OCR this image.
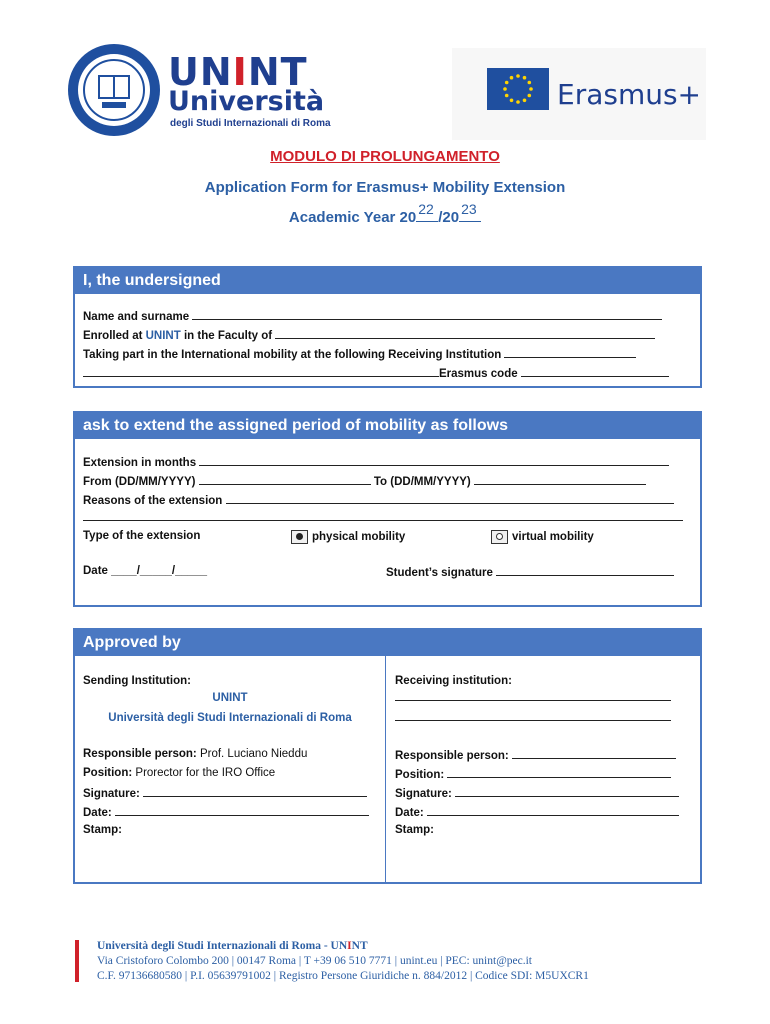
UNINT
Università
degli Studi Internazionali di Roma
Erasmus+
MODULO DI PROLUNGAMENTO
Application Form for Erasmus+ Mobility Extension
Academic Year 20 22 /20 23
I, the undersigned
Name and surname
Enrolled at UNINT in the Faculty of
Taking part in the International mobility at the following Receiving Institution
Erasmus code
ask to extend the assigned period of mobility as follows
Extension in months
From (DD/MM/YYYY)	To (DD/MM/YYYY)
Reasons of the extension
Type of the extension	physical mobility	virtual mobility
Date ____/_____/_____	Student’s signature
Approved by
Sending Institution:
UNINT
Università degli Studi Internazionali di Roma
Responsible person: Prof. Luciano Nieddu
Position: Prorector for the IRO Office
Signature:
Date:
Stamp:
Receiving institution:
Responsible person:
Position:
Signature:
Date:
Stamp:
Università degli Studi Internazionali di Roma - UNINT
Via Cristoforo Colombo 200 | 00147 Roma | T +39 06 510 7771 | unint.eu | PEC: unint@pec.it
C.F. 97136680580 | P.I. 05639791002 | Registro Persone Giuridiche n. 884/2012 | Codice SDI: M5UXCR1
